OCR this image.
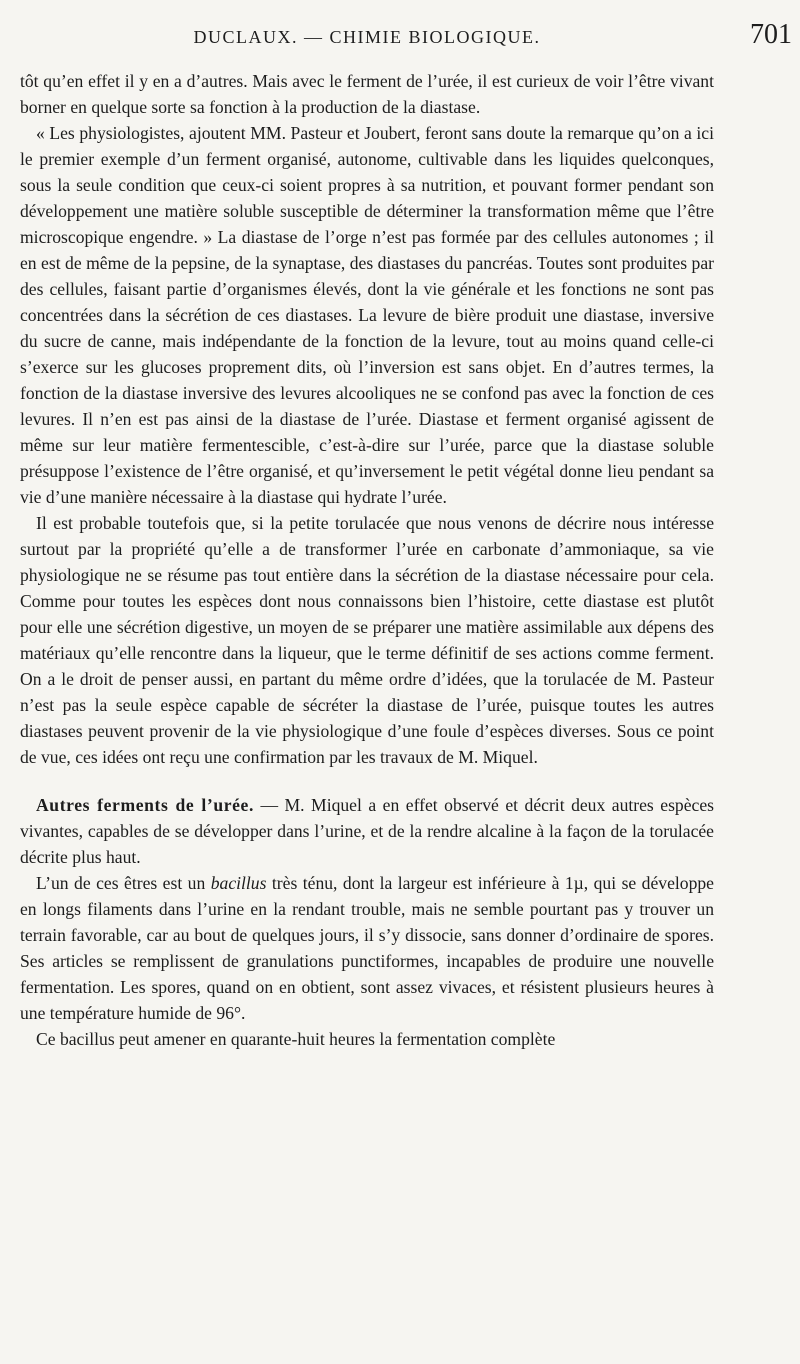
DUCLAUX. — CHIMIE BIOLOGIQUE.	701

tôt qu’en effet il y en a d’autres. Mais avec le ferment de l’urée, il est curieux de voir l’être vivant borner en quelque sorte sa fonction à la production de la diastase.

« Les physiologistes, ajoutent MM. Pasteur et Joubert, feront sans doute la remarque qu’on a ici le premier exemple d’un ferment organisé, autonome, cultivable dans les liquides quelconques, sous la seule condition que ceux-ci soient propres à sa nutrition, et pouvant former pendant son développement une matière soluble susceptible de déterminer la transformation même que l’être microscopique engendre. » La diastase de l’orge n’est pas formée par des cellules autonomes ; il en est de même de la pepsine, de la synaptase, des diastases du pancréas. Toutes sont produites par des cellules, faisant partie d’organismes élevés, dont la vie générale et les fonctions ne sont pas concentrées dans la sécrétion de ces diastases. La levure de bière produit une diastase, inversive du sucre de canne, mais indépendante de la fonction de la levure, tout au moins quand celle-ci s’exerce sur les glucoses proprement dits, où l’inversion est sans objet. En d’autres termes, la fonction de la diastase inversive des levures alcooliques ne se confond pas avec la fonction de ces levures. Il n’en est pas ainsi de la diastase de l’urée. Diastase et ferment organisé agissent de même sur leur matière fermentescible, c’est-à-dire sur l’urée, parce que la diastase soluble présuppose l’existence de l’être organisé, et qu’inversement le petit végétal donne lieu pendant sa vie d’une manière nécessaire à la diastase qui hydrate l’urée.

Il est probable toutefois que, si la petite torulacée que nous venons de décrire nous intéresse surtout par la propriété qu’elle a de transformer l’urée en carbonate d’ammoniaque, sa vie physiologique ne se résume pas tout entière dans la sécrétion de la diastase nécessaire pour cela. Comme pour toutes les espèces dont nous connaissons bien l’histoire, cette diastase est plutôt pour elle une sécrétion digestive, un moyen de se préparer une matière assimilable aux dépens des matériaux qu’elle rencontre dans la liqueur, que le terme définitif de ses actions comme ferment. On a le droit de penser aussi, en partant du même ordre d’idées, que la torulacée de M. Pasteur n’est pas la seule espèce capable de sécréter la diastase de l’urée, puisque toutes les autres diastases peuvent provenir de la vie physiologique d’une foule d’espèces diverses. Sous ce point de vue, ces idées ont reçu une confirmation par les travaux de M. Miquel.

Autres ferments de l’urée. — M. Miquel a en effet observé et décrit deux autres espèces vivantes, capables de se développer dans l’urine, et de la rendre alcaline à la façon de la torulacée décrite plus haut.

L’un de ces êtres est un bacillus très ténu, dont la largeur est inférieure à 1µ, qui se développe en longs filaments dans l’urine en la rendant trouble, mais ne semble pourtant pas y trouver un terrain favorable, car au bout de quelques jours, il s’y dissocie, sans donner d’ordinaire de spores. Ses articles se remplissent de granulations punctiformes, incapables de produire une nouvelle fermentation. Les spores, quand on en obtient, sont assez vivaces, et résistent plusieurs heures à une température humide de 96°.

Ce bacillus peut amener en quarante-huit heures la fermentation complète
